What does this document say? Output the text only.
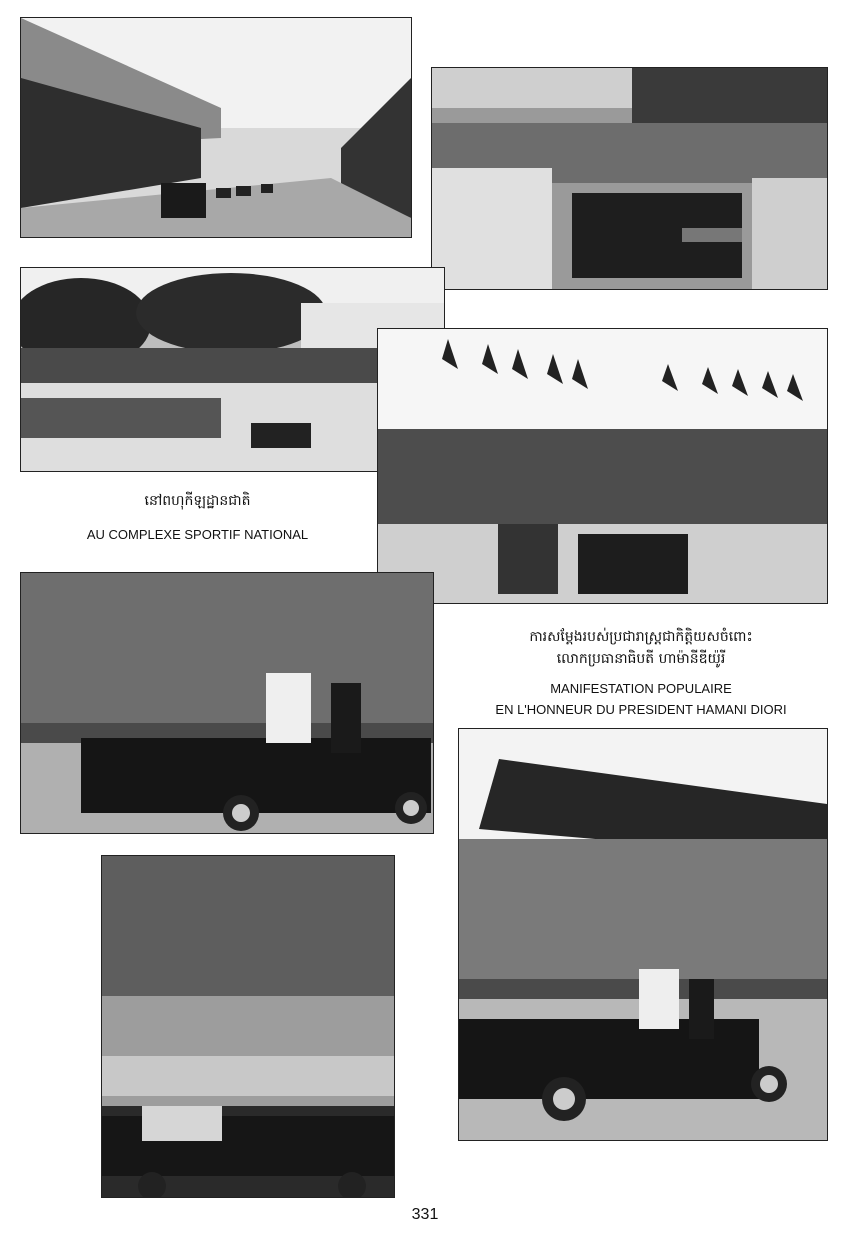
នៅពហុកីឡដ្ឋានជាតិ
AU COMPLEXE SPORTIF NATIONAL
ការសម្តែងរបស់ប្រជារាស្ត្រជាកិត្តិយសចំពោះ
លោកប្រធានាធិបតី ហាម៉ានីឌីយ៉ូរី
MANIFESTATION POPULAIRE
EN L'HONNEUR DU PRESIDENT HAMANI DIORI
331
